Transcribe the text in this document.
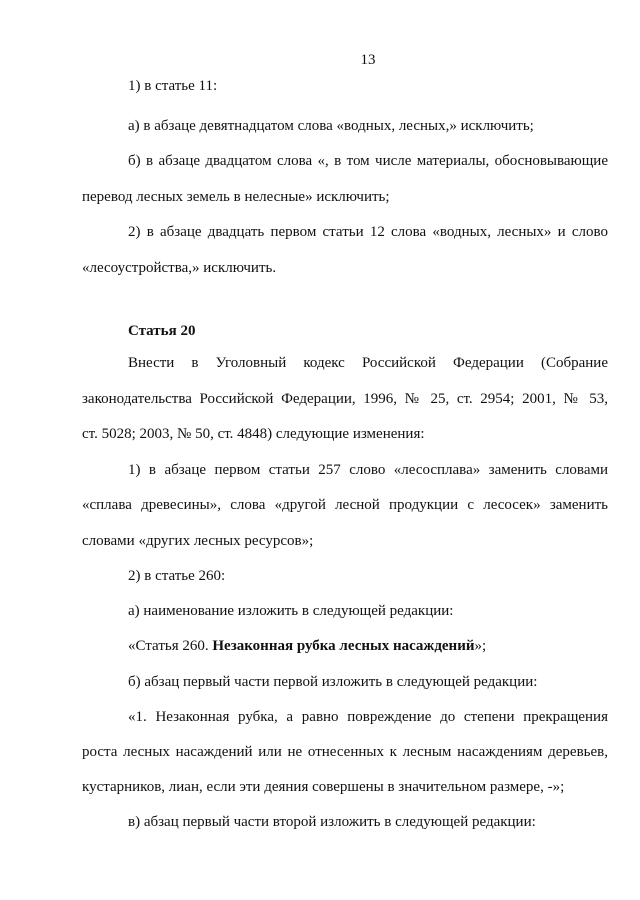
13
1) в статье 11:
а) в абзаце девятнадцатом слова «водных, лесных,» исключить;
б) в абзаце двадцатом слова «, в том числе материалы, обосновывающие
перевод лесных земель в нелесные» исключить;
2) в абзаце двадцать первом статьи 12 слова «водных, лесных» и слово
«лесоустройства,» исключить.
Статья 20
Внести в Уголовный кодекс Российской Федерации (Собрание
законодательства Российской Федерации, 1996, № 25, ст. 2954; 2001, № 53,
ст. 5028; 2003, № 50, ст. 4848) следующие изменения:
1) в абзаце первом статьи 257 слово «лесосплава» заменить словами
«сплава древесины», слова «другой лесной продукции с лесосек» заменить
словами «других лесных ресурсов»;
2) в статье 260:
а) наименование изложить в следующей редакции:
«Статья 260. Незаконная рубка лесных насаждений»;
б) абзац первый части первой изложить в следующей редакции:
«1. Незаконная рубка, а равно повреждение до степени прекращения
роста лесных насаждений или не отнесенных к лесным насаждениям деревьев,
кустарников, лиан, если эти деяния совершены в значительном размере, -»;
в) абзац первый части второй изложить в следующей редакции:
